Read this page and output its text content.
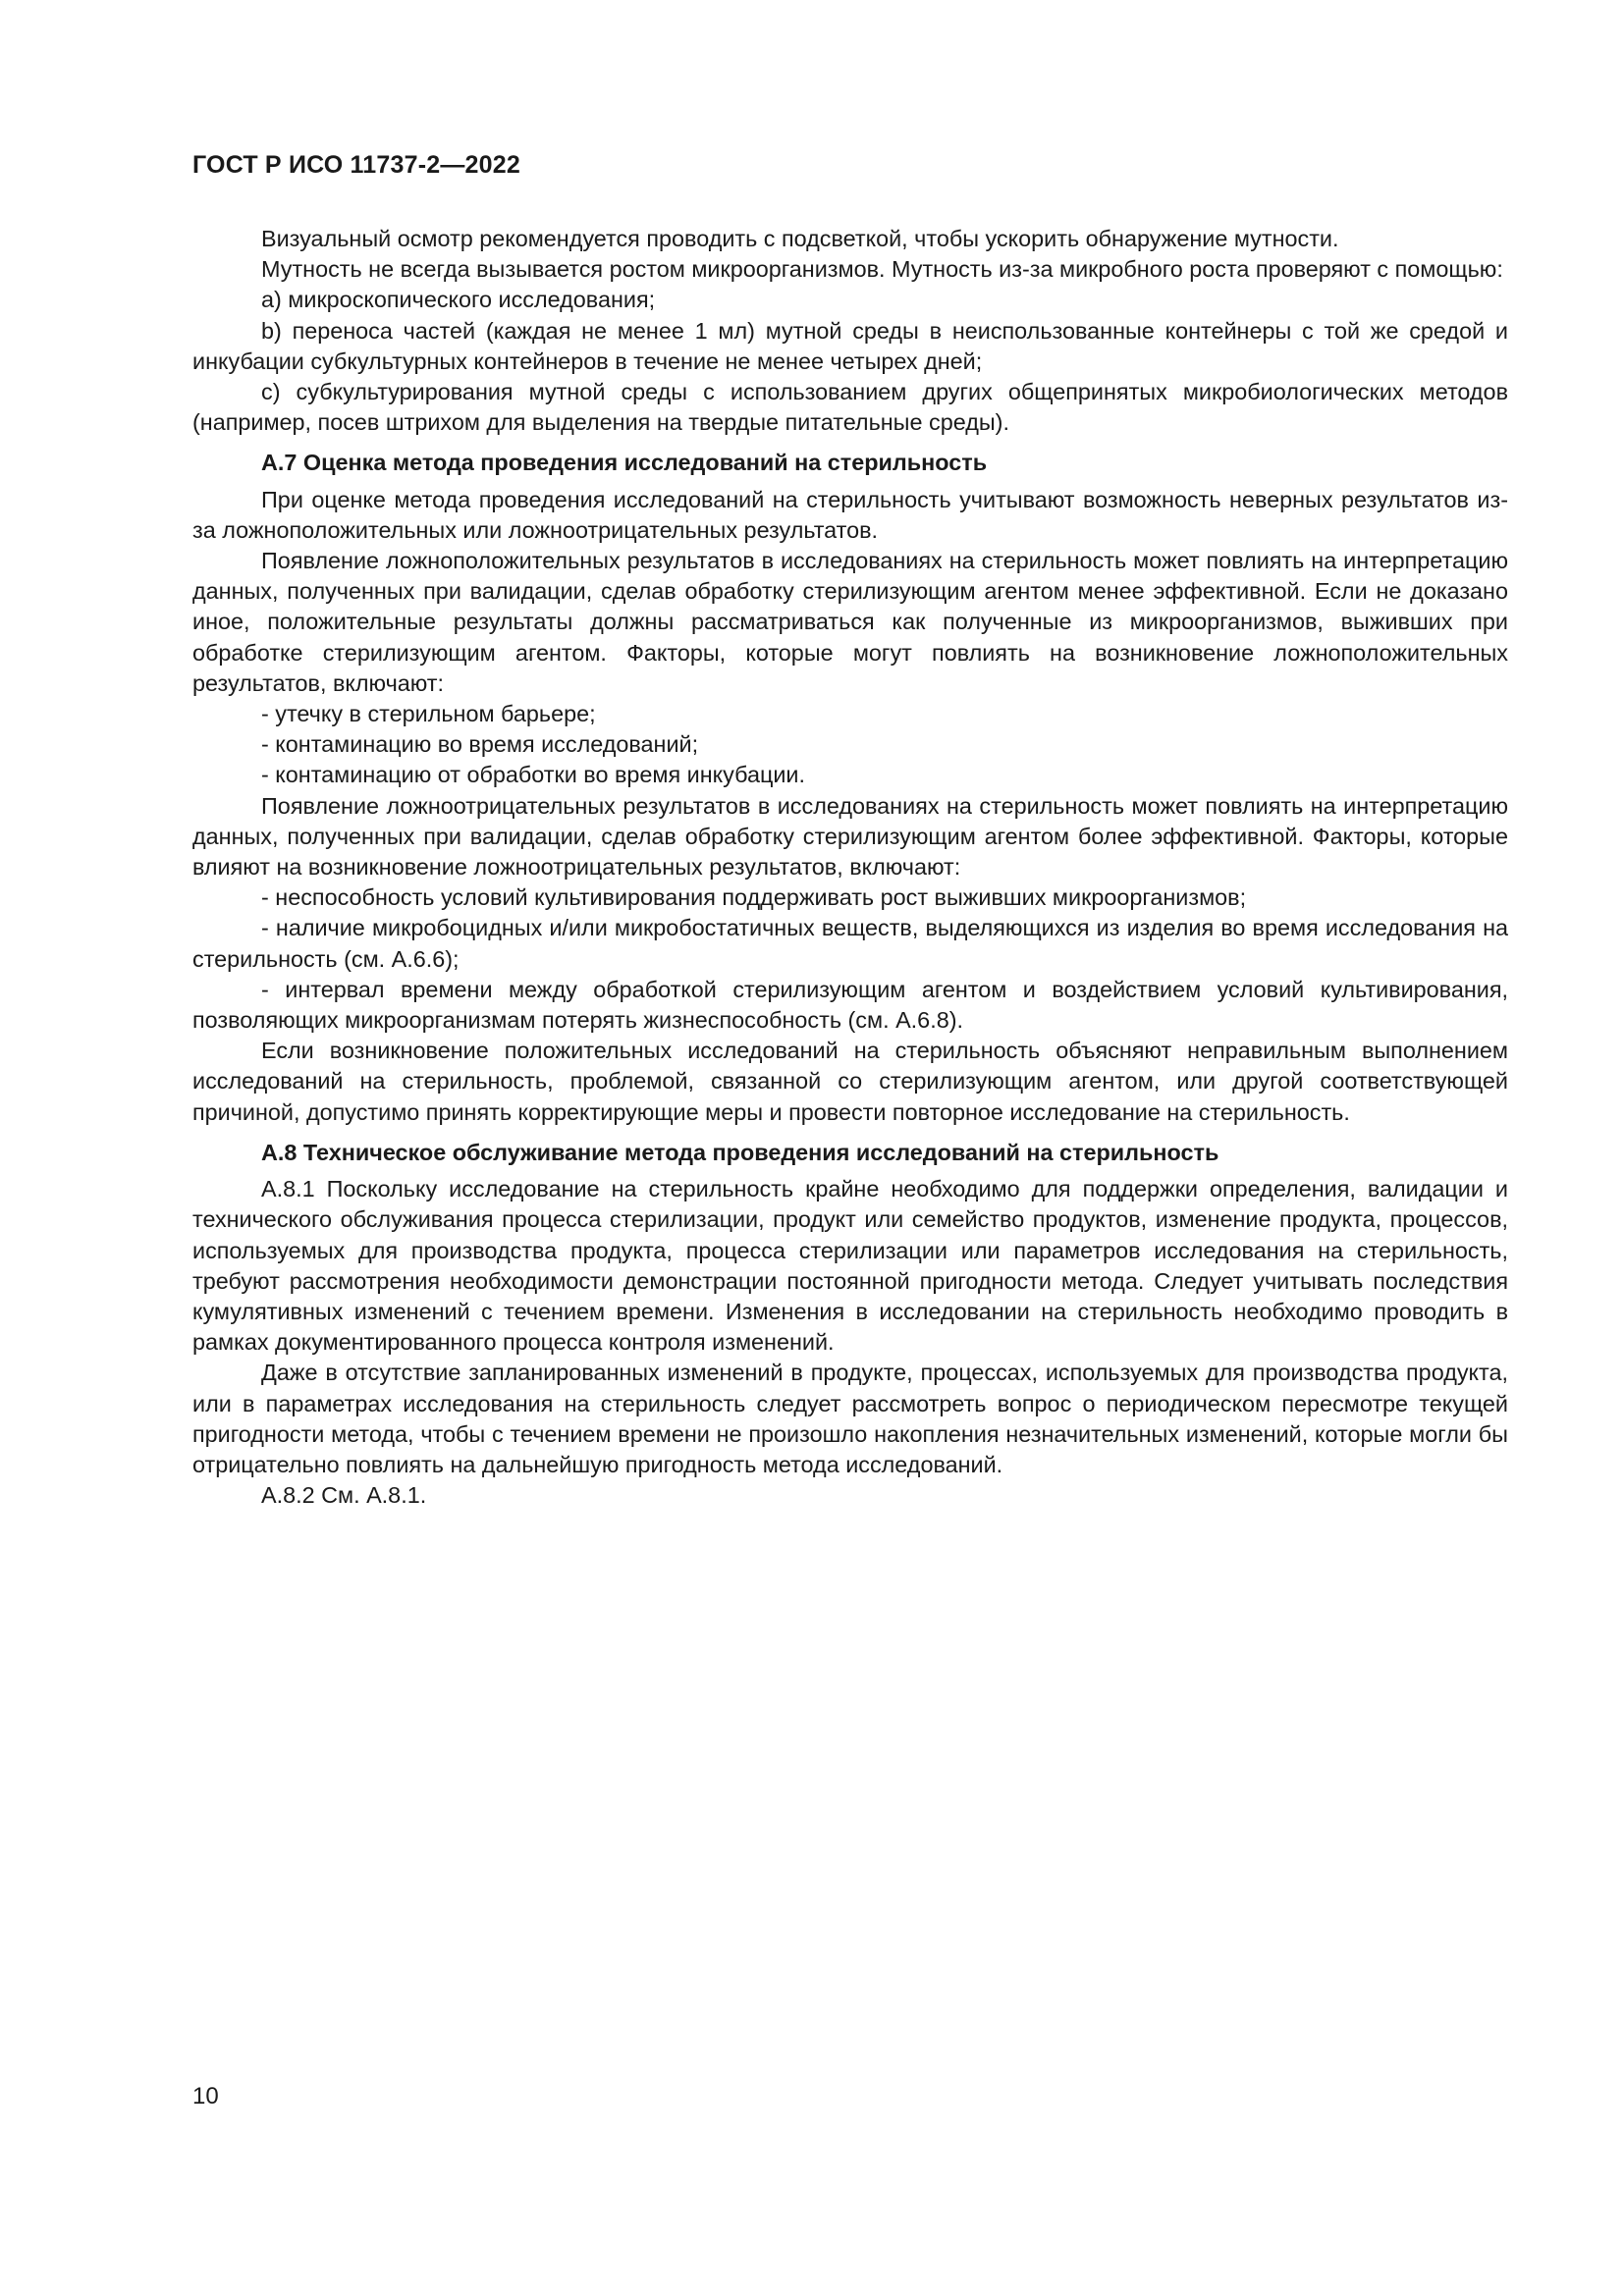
ГОСТ Р ИСО 11737-2—2022

Визуальный осмотр рекомендуется проводить с подсветкой, чтобы ускорить обнаружение мутности.

Мутность не всегда вызывается ростом микроорганизмов. Мутность из-за микробного роста проверяют с помощью:

a) микроскопического исследования;

b) переноса частей (каждая не менее 1 мл) мутной среды в неиспользованные контейнеры с той же средой и инкубации субкультурных контейнеров в течение не менее четырех дней;

c) субкультурирования мутной среды с использованием других общепринятых микробиологических методов (например, посев штрихом для выделения на твердые питательные среды).

А.7 Оценка метода проведения исследований на стерильность

При оценке метода проведения исследований на стерильность учитывают возможность неверных результатов из-за ложноположительных или ложноотрицательных результатов.

Появление ложноположительных результатов в исследованиях на стерильность может повлиять на интерпретацию данных, полученных при валидации, сделав обработку стерилизующим агентом менее эффективной. Если не доказано иное, положительные результаты должны рассматриваться как полученные из микроорганизмов, выживших при обработке стерилизующим агентом. Факторы, которые могут повлиять на возникновение ложноположительных результатов, включают:

- утечку в стерильном барьере;

- контаминацию во время исследований;

- контаминацию от обработки во время инкубации.

Появление ложноотрицательных результатов в исследованиях на стерильность может повлиять на интерпретацию данных, полученных при валидации, сделав обработку стерилизующим агентом более эффективной. Факторы, которые влияют на возникновение ложноотрицательных результатов, включают:

- неспособность условий культивирования поддерживать рост выживших микроорганизмов;

- наличие микробоцидных и/или микробостатичных веществ, выделяющихся из изделия во время исследования на стерильность (см. А.6.6);

- интервал времени между обработкой стерилизующим агентом и воздействием условий культивирования, позволяющих микроорганизмам потерять жизнеспособность (см. А.6.8).

Если возникновение положительных исследований на стерильность объясняют неправильным выполнением исследований на стерильность, проблемой, связанной со стерилизующим агентом, или другой соответствующей причиной, допустимо принять корректирующие меры и провести повторное исследование на стерильность.

А.8 Техническое обслуживание метода проведения исследований на стерильность

А.8.1 Поскольку исследование на стерильность крайне необходимо для поддержки определения, валидации и технического обслуживания процесса стерилизации, продукт или семейство продуктов, изменение продукта, процессов, используемых для производства продукта, процесса стерилизации или параметров исследования на стерильность, требуют рассмотрения необходимости демонстрации постоянной пригодности метода. Следует учитывать последствия кумулятивных изменений с течением времени. Изменения в исследовании на стерильность необходимо проводить в рамках документированного процесса контроля изменений.

Даже в отсутствие запланированных изменений в продукте, процессах, используемых для производства продукта, или в параметрах исследования на стерильность следует рассмотреть вопрос о периодическом пересмотре текущей пригодности метода, чтобы с течением времени не произошло накопления незначительных изменений, которые могли бы отрицательно повлиять на дальнейшую пригодность метода исследований.

А.8.2 См. А.8.1.

10
